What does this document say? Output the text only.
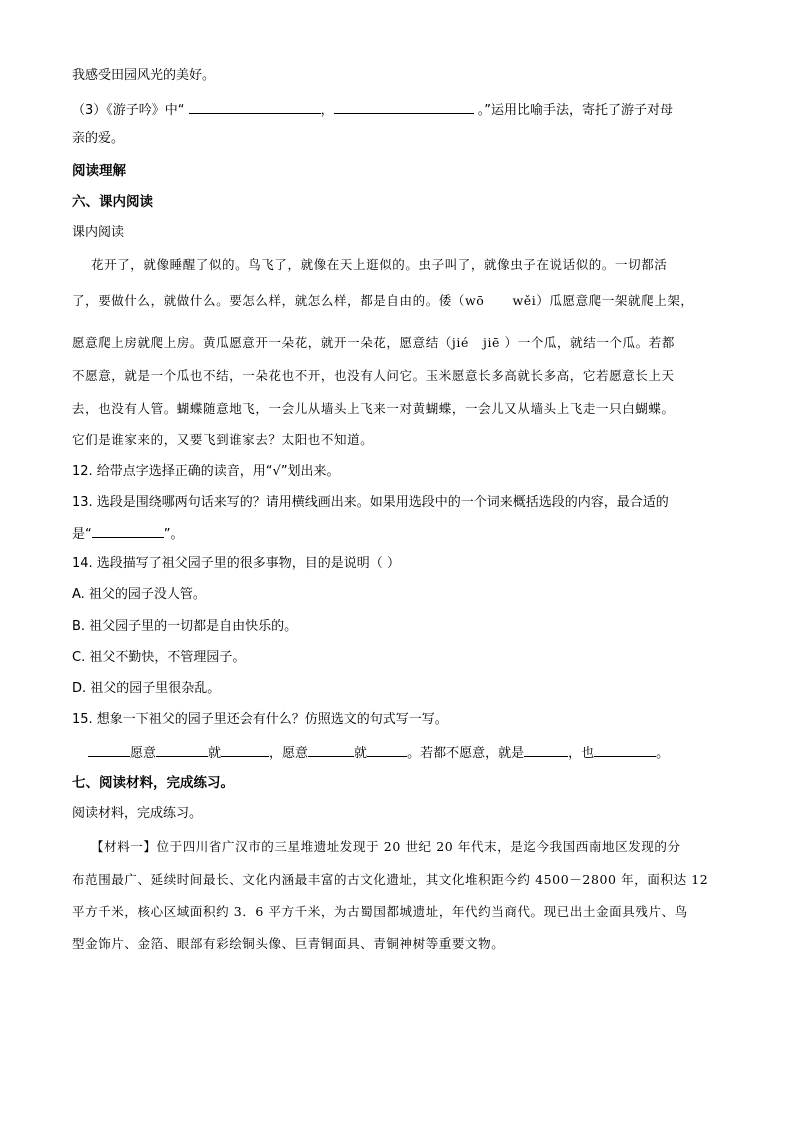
我感受田园风光的美好。
（3）《游子吟》中“	，	。”运用比喻手法，寄托了游子对母
亲的爱。
阅读理解
六、课内阅读
课内阅读
花开了，就像睡醒了似的。鸟飞了，就像在天上逛似的。虫子叫了，就像虫子在说话似的。一切都活
了，要做什么，就做什么。要怎么样，就怎么样，都是自由的。倭（wō wěi）瓜愿意爬一架就爬上架，
愿意爬上房就爬上房。黄瓜愿意开一朵花，就开一朵花，愿意结（jié jiē ）一个瓜，就结一个瓜。若都
不愿意，就是一个瓜也不结，一朵花也不开，也没有人问它。玉米愿意长多高就长多高，它若愿意长上天
去，也没有人管。蝴蝶随意地飞，一会儿从墙头上飞来一对黄蝴蝶，一会儿又从墙头上飞走一只白蝴蝶。
它们是谁家来的，又要飞到谁家去？太阳也不知道。
12. 给带点字选择正确的读音，用“√”划出来。
13. 选段是围绕哪两句话来写的？请用横线画出来。如果用选段中的一个词来概括选段的内容，最合适的
是“	”。
14. 选段描写了祖父园子里的很多事物，目的是说明（ ）
A. 祖父的园子没人管。
B. 祖父园子里的一切都是自由快乐的。
C. 祖父不勤快，不管理园子。
D. 祖父的园子里很杂乱。
15. 想象一下祖父的园子里还会有什么？仿照选文的句式写一写。
愿意	就	，愿意	就	。若都不愿意，就是	，也	。
七、阅读材料，完成练习。
阅读材料，完成练习。
【材料一】位于四川省广汉市的三星堆遗址发现于 20 世纪 20 年代末，是迄今我国西南地区发现的分
布范围最广、延续时间最长、文化内涵最丰富的古文化遗址，其文化堆积距今约 4500－2800 年，面积达 12
平方千米，核心区域面积约 3．6 平方千米，为古蜀国都城遗址，年代约当商代。现已出土金面具残片、鸟
型金饰片、金箔、眼部有彩绘铜头像、巨青铜面具、青铜神树等重要文物。
